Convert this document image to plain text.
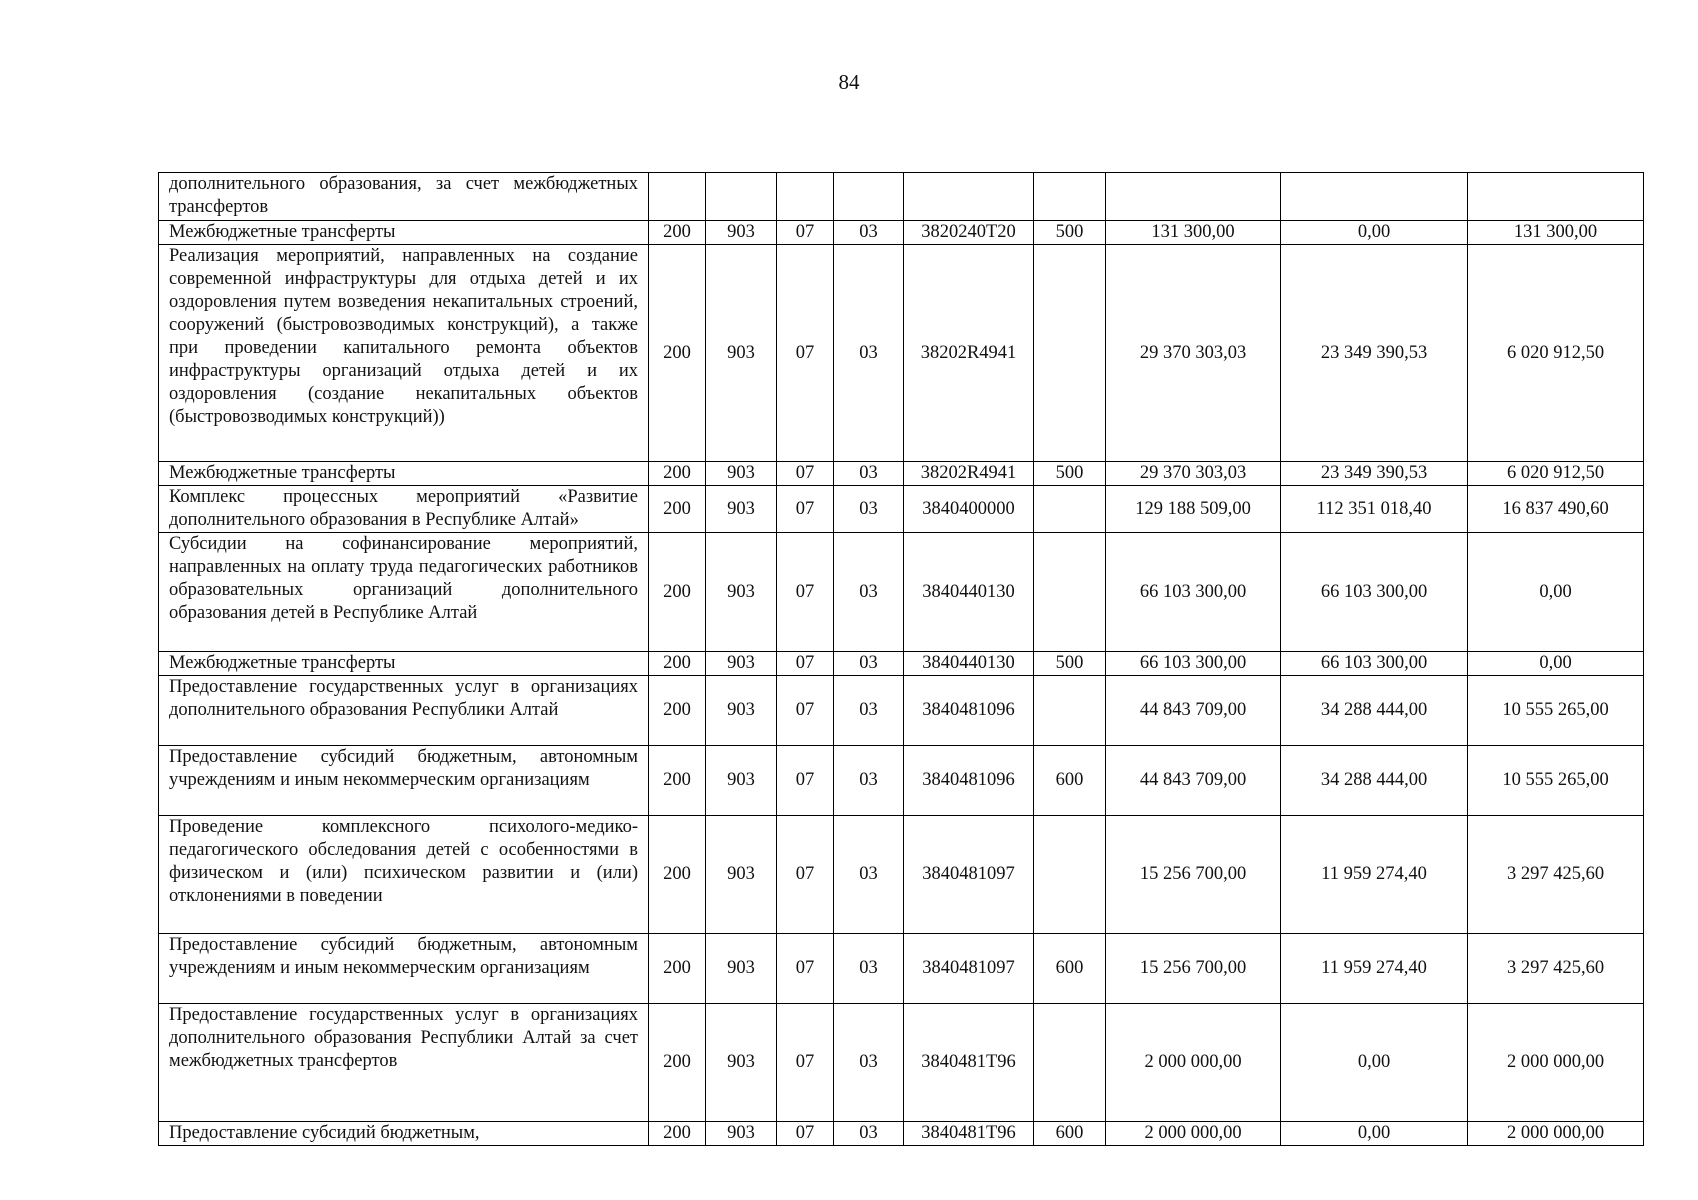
84
дополнительного образования, за счет межбюджетных трансфертов									
Межбюджетные трансферты	200	903	07	03	3820240Т20	500	131 300,00	0,00	131 300,00
Реализация мероприятий, направленных на создание современной инфраструктуры для отдыха детей и их оздоровления путем возведения некапитальных строений, сооружений (быстровозводимых конструкций), а также при проведении капитального ремонта объектов инфраструктуры организаций отдыха детей и их оздоровления (создание некапитальных объектов (быстровозводимых конструкций))	200	903	07	03	38202R4941		29 370 303,03	23 349 390,53	6 020 912,50
Межбюджетные трансферты	200	903	07	03	38202R4941	500	29 370 303,03	23 349 390,53	6 020 912,50
Комплекс процессных мероприятий «Развитие дополнительного образования в Республике Алтай»	200	903	07	03	3840400000		129 188 509,00	112 351 018,40	16 837 490,60
Субсидии на софинансирование мероприятий, направленных на оплату труда педагогических работников образовательных организаций дополнительного образования детей в Республике Алтай	200	903	07	03	3840440130		66 103 300,00	66 103 300,00	0,00
Межбюджетные трансферты	200	903	07	03	3840440130	500	66 103 300,00	66 103 300,00	0,00
Предоставление государственных услуг в организациях дополнительного образования Республики Алтай	200	903	07	03	3840481096		44 843 709,00	34 288 444,00	10 555 265,00
Предоставление субсидий бюджетным, автономным учреждениям и иным некоммерческим организациям	200	903	07	03	3840481096	600	44 843 709,00	34 288 444,00	10 555 265,00
Проведение комплексного психолого-медико-педагогического обследования детей с особенностями в физическом и (или) психическом развитии и (или) отклонениями в поведении	200	903	07	03	3840481097		15 256 700,00	11 959 274,40	3 297 425,60
Предоставление субсидий бюджетным, автономным учреждениям и иным некоммерческим организациям	200	903	07	03	3840481097	600	15 256 700,00	11 959 274,40	3 297 425,60
Предоставление государственных услуг в организациях дополнительного образования Республики Алтай за счет межбюджетных трансфертов	200	903	07	03	3840481Т96		2 000 000,00	0,00	2 000 000,00
Предоставление субсидий бюджетным,	200	903	07	03	3840481Т96	600	2 000 000,00	0,00	2 000 000,00
